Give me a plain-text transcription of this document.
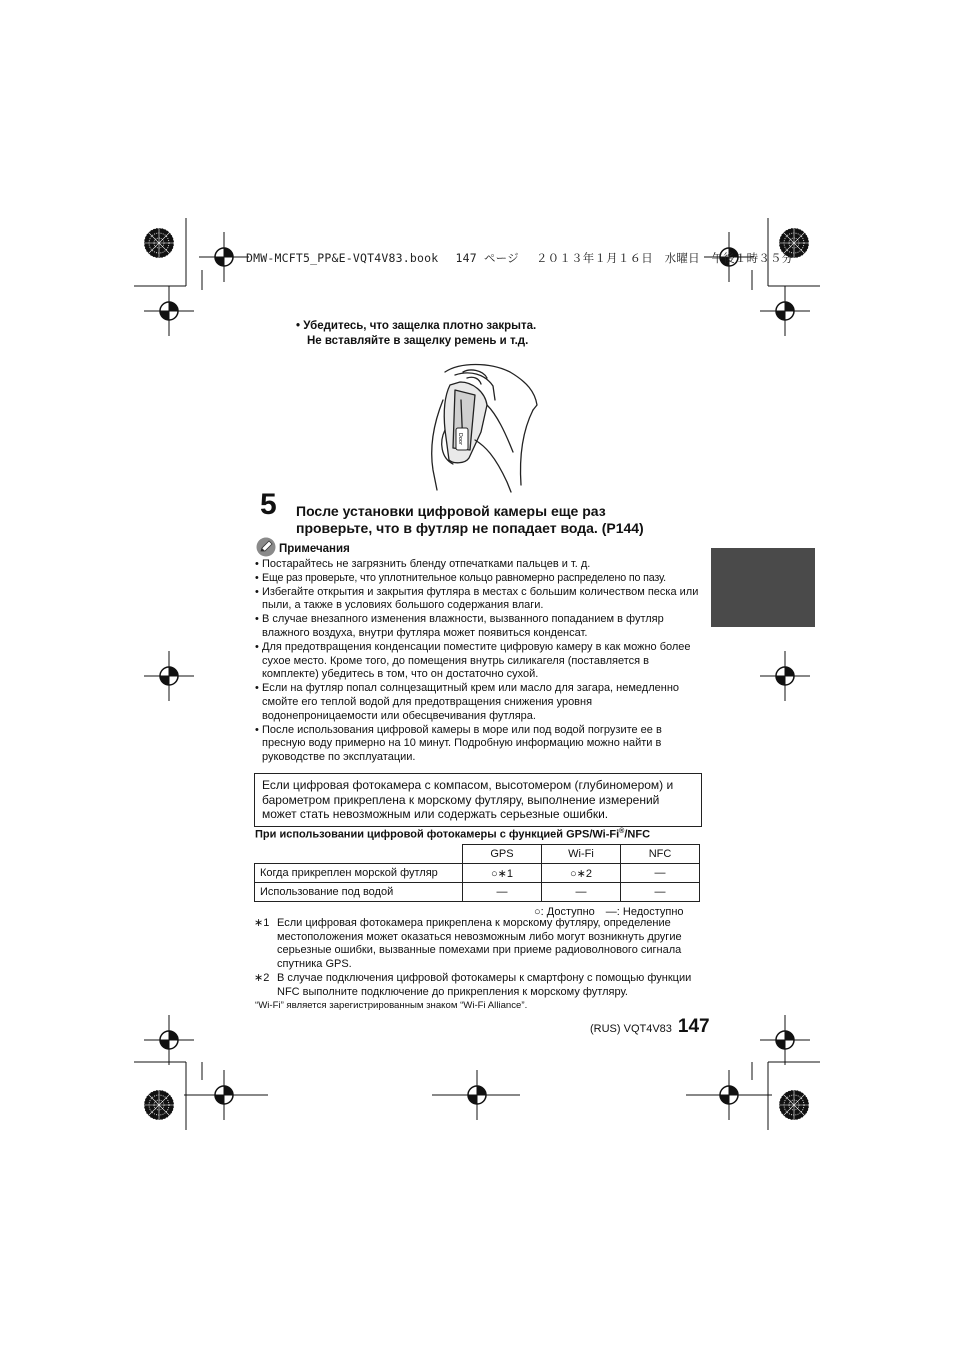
DMW-MCFT5_PP&E-VQT4V83.book 147 ページ ２０１３年１月１６日　水曜日　午後１時３５分
• Убедитесь, что защелка плотно закрыта.
Не вставляйте в защелку ремень и т.д.
Door
5 После установки цифровой камеры еще раз
проверьте, что в футляр не попадает вода. (P144)
Примечания
• Постарайтесь не загрязнить бленду отпечатками пальцев и т. д.
• Еще раз проверьте, что уплотнительное кольцо равномерно распределено по пазу.
• Избегайте открытия и закрытия футляра в местах с большим количеством песка или пыли, а также в условиях большого содержания влаги.
• В случае внезапного изменения влажности, вызванного попаданием в футляр влажного воздуха, внутри футляра может появиться конденсат.
• Для предотвращения конденсации поместите цифровую камеру в как можно более сухое место. Кроме того, до помещения внутрь силикагеля (поставляется в комплекте) убедитесь в том, что он достаточно сухой.
• Если на футляр попал солнцезащитный крем или масло для загара, немедленно смойте его теплой водой для предотвращения снижения уровня водонепроницаемости или обесцвечивания футляра.
• После использования цифровой камеры в море или под водой погрузите ее в пресную воду примерно на 10 минут. Подробную информацию можно найти в руководстве по эксплуатации.
Если цифровая фотокамера с компасом, высотомером (глубиномером) и барометром прикреплена к морскому футляру, выполнение измерений может стать невозможным или содержать серьезные ошибки.
При использовании цифровой фотокамеры с функцией GPS/Wi-Fi®/NFC
	GPS	Wi-Fi	NFC
Когда прикреплен морской футляр	○∗1	○∗2	—
Использование под водой	—	—	—
○: Доступно　—: Недоступно
∗1 Если цифровая фотокамера прикреплена к морскому футляру, определение местоположения может оказаться невозможным либо могут возникнуть другие серьезные ошибки, вызванные помехами при приеме радиоволнового сигнала спутника GPS.
∗2 В случае подключения цифровой фотокамеры к смартфону с помощью функции NFC выполните подключение до прикрепления к морскому футляру.
“Wi-Fi” является зарегистрированным знаком “Wi-Fi Alliance”.
(RUS) VQT4V83 147
